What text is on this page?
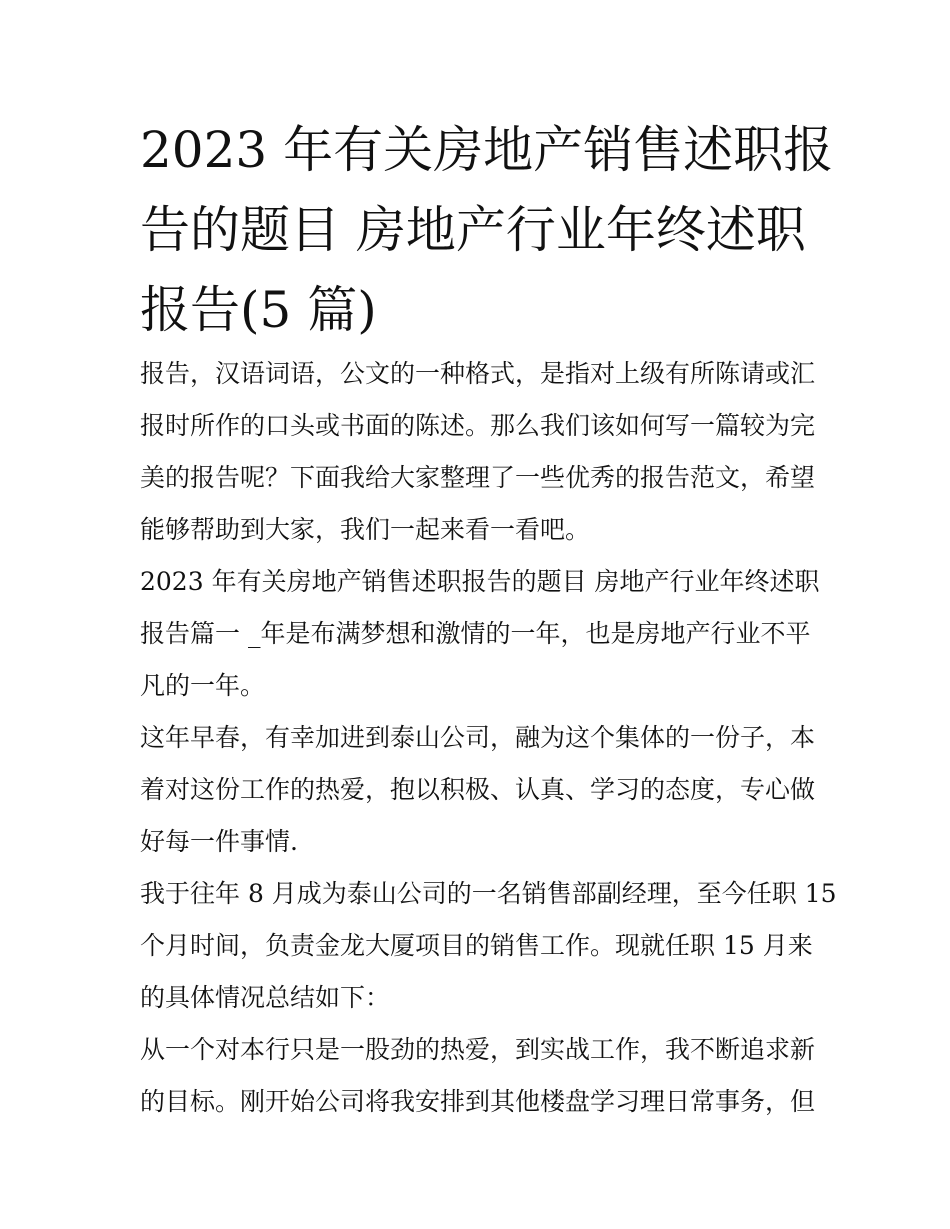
2023 年有关房地产销售述职报
告的题目 房地产行业年终述职
报告(5 篇)

报告，汉语词语，公文的一种格式，是指对上级有所陈请或汇
报时所作的口头或书面的陈述。那么我们该如何写一篇较为完
美的报告呢？下面我给大家整理了一些优秀的报告范文，希望
能够帮助到大家，我们一起来看一看吧。

2023 年有关房地产销售述职报告的题目 房地产行业年终述职
报告篇一 _年是布满梦想和激情的一年，也是房地产行业不平
凡的一年。

这年早春，有幸加进到泰山公司，融为这个集体的一份子，本
着对这份工作的热爱，抱以积极、认真、学习的态度，专心做
好每一件事情.

我于往年 8 月成为泰山公司的一名销售部副经理，至今任职 15
个月时间，负责金龙大厦项目的销售工作。现就任职 15 月来
的具体情况总结如下：

从一个对本行只是一股劲的热爱，到实战工作，我不断追求新
的目标。刚开始公司将我安排到其他楼盘学习理日常事务，但
